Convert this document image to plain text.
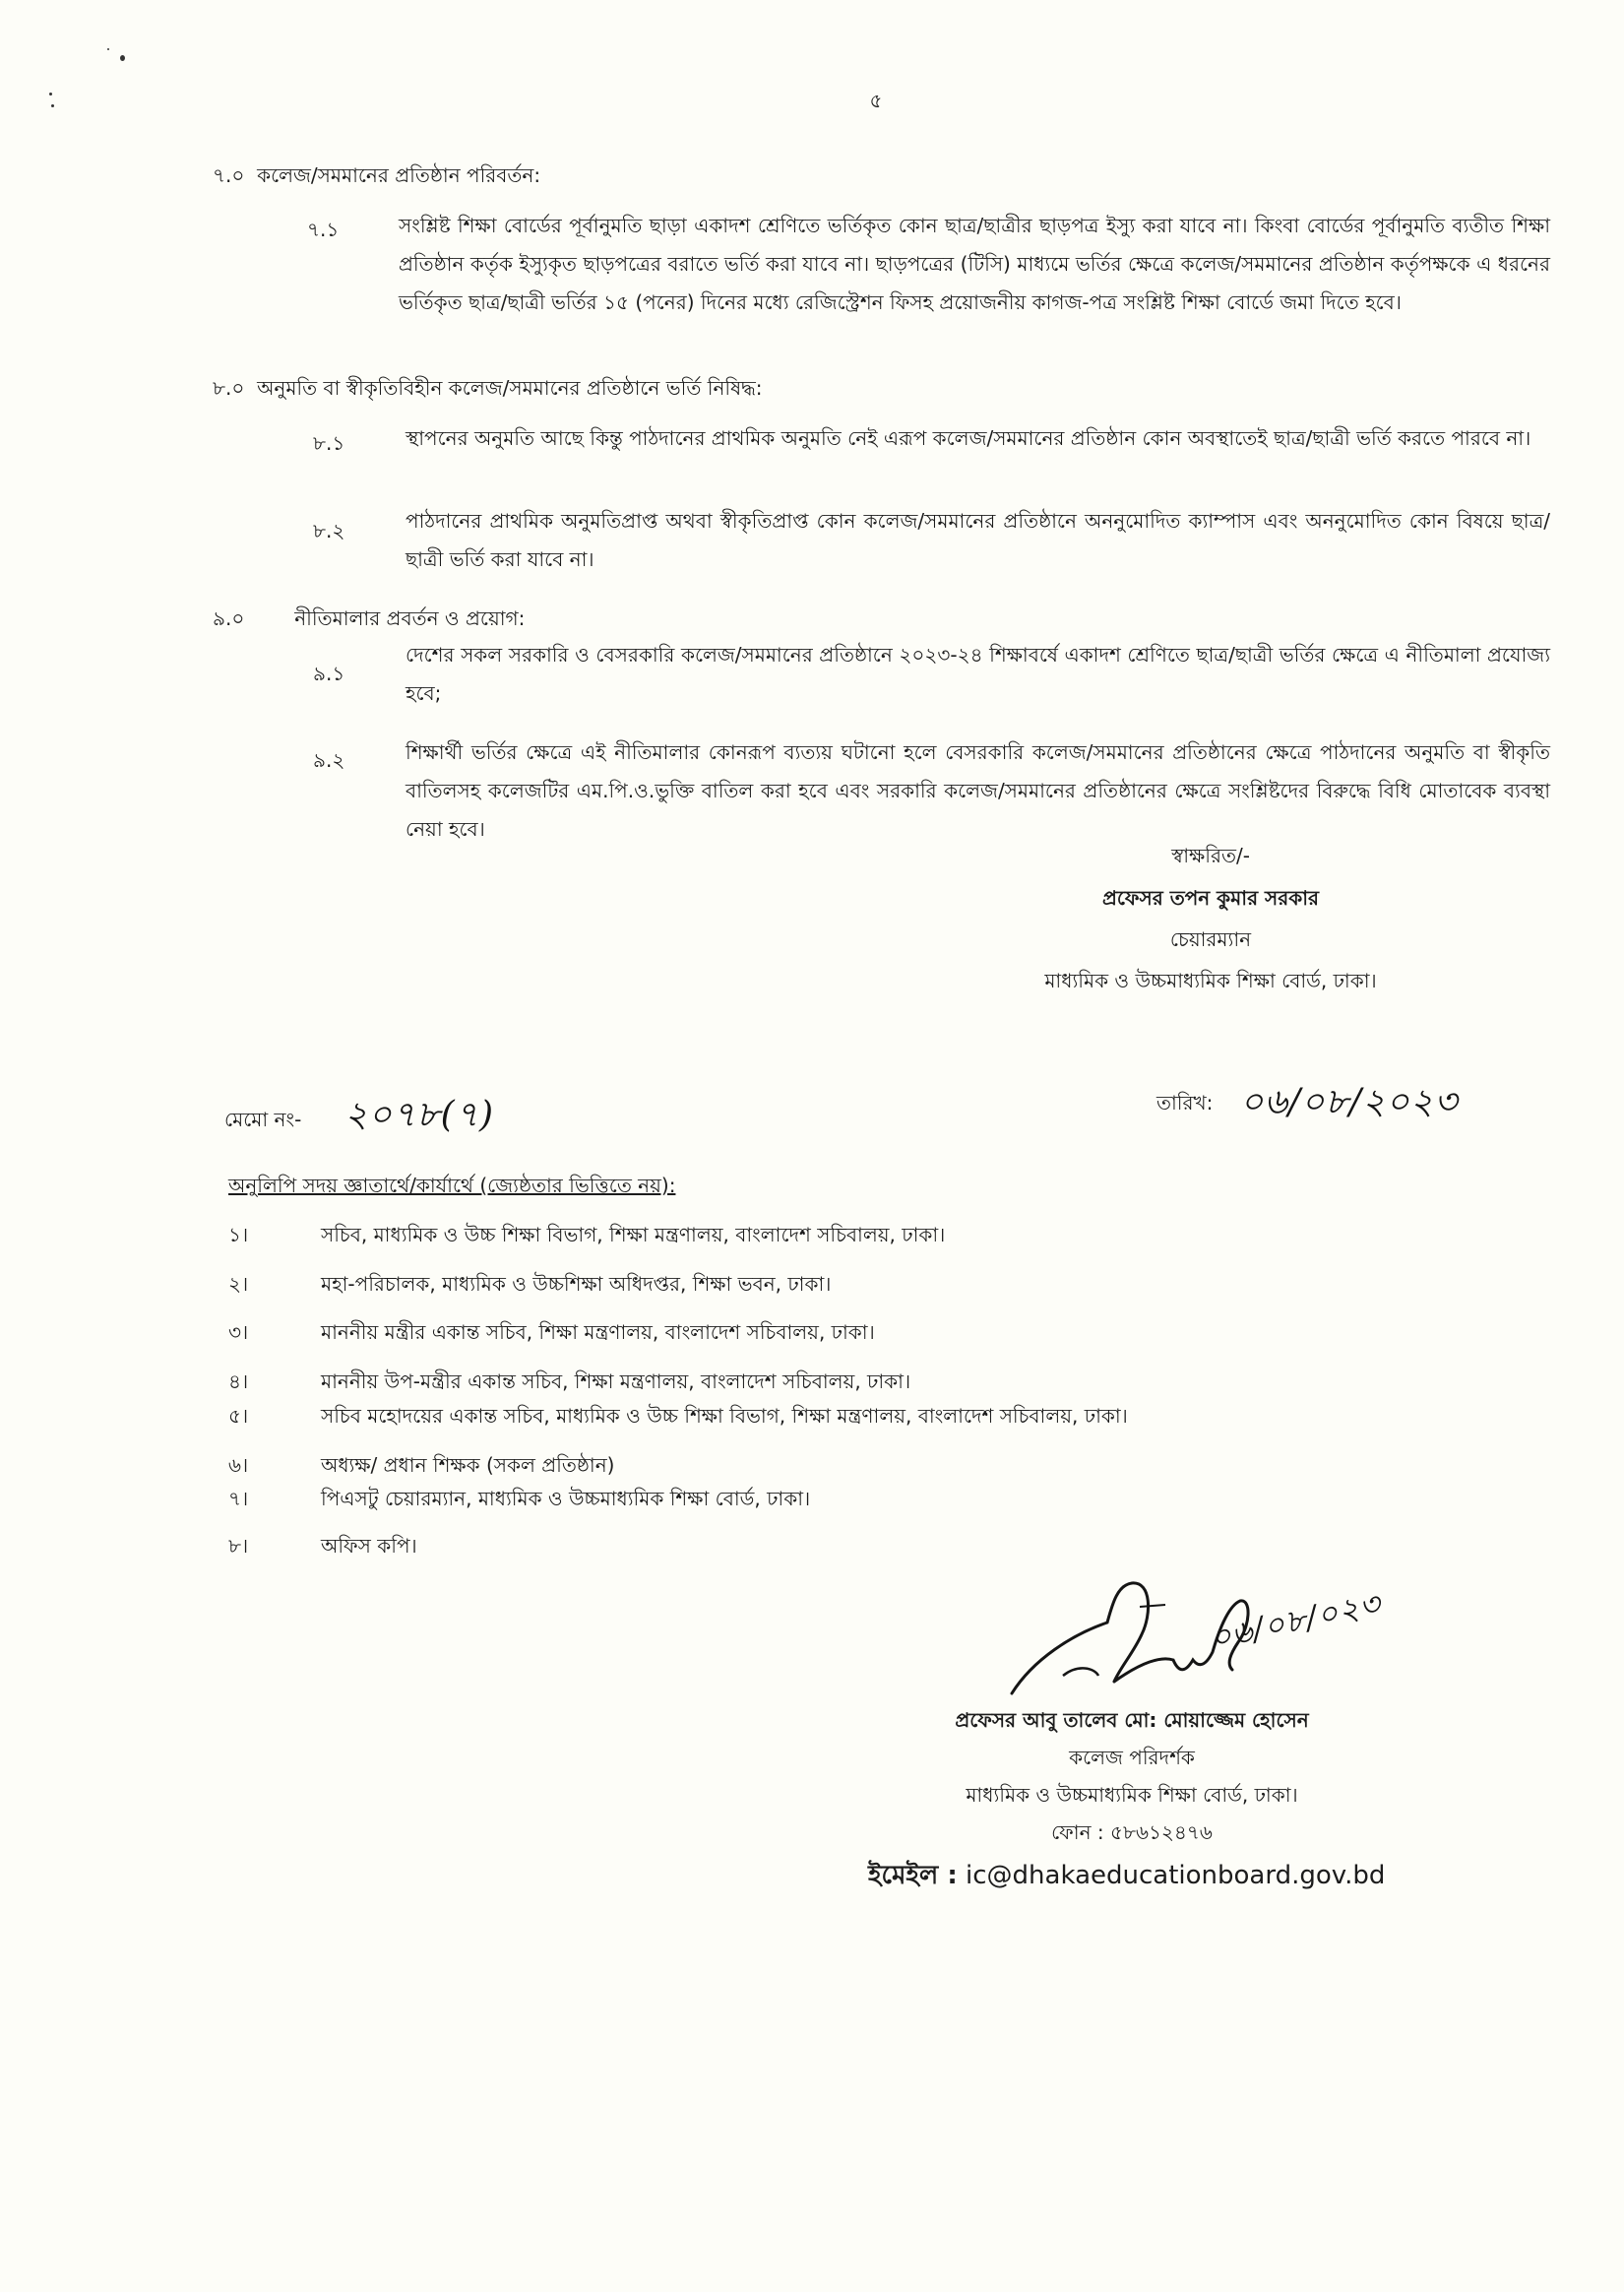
৫
৭.০ কলেজ/সমমানের প্রতিষ্ঠান পরিবর্তন:
৭.১	সংশ্লিষ্ট শিক্ষা বোর্ডের পূর্বানুমতি ছাড়া একাদশ শ্রেণিতে ভর্তিকৃত কোন ছাত্র/ছাত্রীর ছাড়পত্র ইস্যু করা যাবে না। কিংবা বোর্ডের পূর্বানুমতি ব্যতীত শিক্ষা প্রতিষ্ঠান কর্তৃক ইস্যুকৃত ছাড়পত্রের বরাতে ভর্তি করা যাবে না। ছাড়পত্রের (টিসি) মাধ্যমে ভর্তির ক্ষেত্রে কলেজ/সমমানের প্রতিষ্ঠান কর্তৃপক্ষকে এ ধরনের ভর্তিকৃত ছাত্র/ছাত্রী ভর্তির ১৫ (পনের) দিনের মধ্যে রেজিস্ট্রেশন ফিসহ প্রয়োজনীয় কাগজ-পত্র সংশ্লিষ্ট শিক্ষা বোর্ডে জমা দিতে হবে।
৮.০ অনুমতি বা স্বীকৃতিবিহীন কলেজ/সমমানের প্রতিষ্ঠানে ভর্তি নিষিদ্ধ:
৮.১	স্থাপনের অনুমতি আছে কিন্তু পাঠদানের প্রাথমিক অনুমতি নেই এরূপ কলেজ/সমমানের প্রতিষ্ঠান কোন অবস্থাতেই ছাত্র/ছাত্রী ভর্তি করতে পারবে না।
৮.২	পাঠদানের প্রাথমিক অনুমতিপ্রাপ্ত অথবা স্বীকৃতিপ্রাপ্ত কোন কলেজ/সমমানের প্রতিষ্ঠানে অননুমোদিত ক্যাম্পাস এবং অননুমোদিত কোন বিষয়ে ছাত্র/ছাত্রী ভর্তি করা যাবে না।
৯.০	নীতিমালার প্রবর্তন ও প্রয়োগ:
৯.১
দেশের সকল সরকারি ও বেসরকারি কলেজ/সমমানের প্রতিষ্ঠানে ২০২৩-২৪ শিক্ষাবর্ষে একাদশ শ্রেণিতে ছাত্র/ছাত্রী ভর্তির ক্ষেত্রে এ নীতিমালা প্রযোজ্য হবে;
৯.২	শিক্ষার্থী ভর্তির ক্ষেত্রে এই নীতিমালার কোনরূপ ব্যত্যয় ঘটানো হলে বেসরকারি কলেজ/সমমানের প্রতিষ্ঠানের ক্ষেত্রে পাঠদানের অনুমতি বা স্বীকৃতি বাতিলসহ কলেজটির এম.পি.ও.ভুক্তি বাতিল করা হবে এবং সরকারি কলেজ/সমমানের প্রতিষ্ঠানের ক্ষেত্রে সংশ্লিষ্টদের বিরুদ্ধে বিধি মোতাবেক ব্যবস্থা নেয়া হবে।
স্বাক্ষরিত/-
প্রফেসর তপন কুমার সরকার
চেয়ারম্যান
মাধ্যমিক ও উচ্চমাধ্যমিক শিক্ষা বোর্ড, ঢাকা।
মেমো নং- ২০৭৮(৭)	তারিখ: ০৬/০৮/২০২৩
অনুলিপি সদয় জ্ঞাতার্থে/কার্যার্থে (জ্যেষ্ঠতার ভিত্তিতে নয়):
১।	সচিব, মাধ্যমিক ও উচ্চ শিক্ষা বিভাগ, শিক্ষা মন্ত্রণালয়, বাংলাদেশ সচিবালয়, ঢাকা।
২।	মহা-পরিচালক, মাধ্যমিক ও উচ্চশিক্ষা অধিদপ্তর, শিক্ষা ভবন, ঢাকা।
৩।	মাননীয় মন্ত্রীর একান্ত সচিব, শিক্ষা মন্ত্রণালয়, বাংলাদেশ সচিবালয়, ঢাকা।
৪।	মাননীয় উপ-মন্ত্রীর একান্ত সচিব, শিক্ষা মন্ত্রণালয়, বাংলাদেশ সচিবালয়, ঢাকা।
৫।	সচিব মহোদয়ের একান্ত সচিব, মাধ্যমিক ও উচ্চ শিক্ষা বিভাগ, শিক্ষা মন্ত্রণালয়, বাংলাদেশ সচিবালয়, ঢাকা।
৬।	অধ্যক্ষ/ প্রধান শিক্ষক (সকল প্রতিষ্ঠান)
৭।	পিএসটু চেয়ারম্যান, মাধ্যমিক ও উচ্চমাধ্যমিক শিক্ষা বোর্ড, ঢাকা।
৮।	অফিস কপি।
০৬/০৮/০২৩
প্রফেসর আবু তালেব মো: মোয়াজ্জেম হোসেন
কলেজ পরিদর্শক
মাধ্যমিক ও উচ্চমাধ্যমিক শিক্ষা বোর্ড, ঢাকা।
ফোন : ৫৮৬১২৪৭৬
ইমেইল : ic@dhakaeducationboard.gov.bd
